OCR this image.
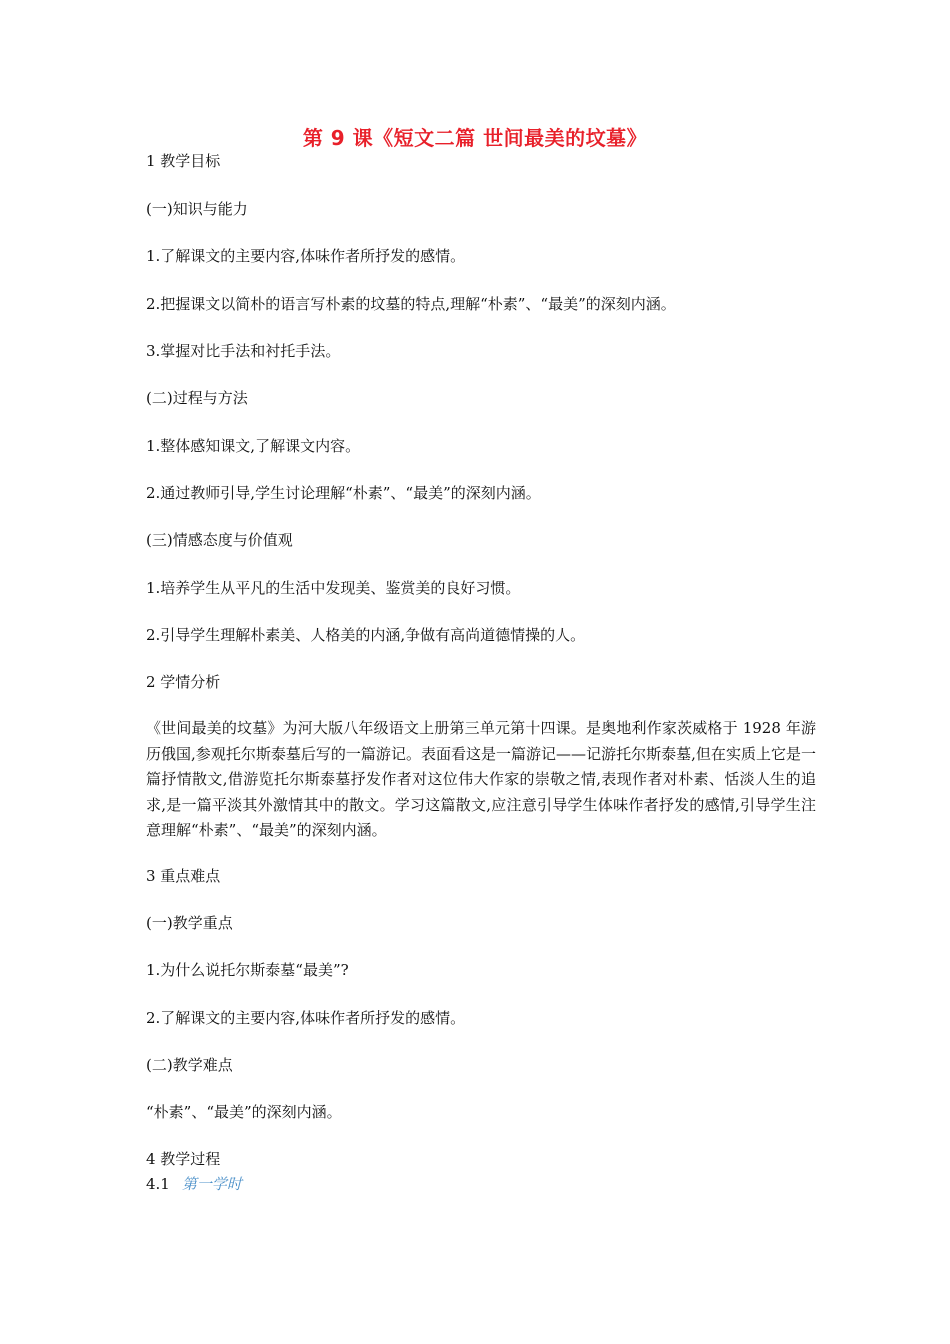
第 9 课《短文二篇 世间最美的坟墓》
1 教学目标
(一)知识与能力
1.了解课文的主要内容,体味作者所抒发的感情。
2.把握课文以简朴的语言写朴素的坟墓的特点,理解“朴素”、“最美”的深刻内涵。
3.掌握对比手法和衬托手法。
(二)过程与方法
1.整体感知课文,了解课文内容。
2.通过教师引导,学生讨论理解“朴素”、“最美”的深刻内涵。
(三)情感态度与价值观
1.培养学生从平凡的生活中发现美、鉴赏美的良好习惯。
2.引导学生理解朴素美、人格美的内涵,争做有高尚道德情操的人。
2 学情分析
《世间最美的坟墓》为河大版八年级语文上册第三单元第十四课。是奥地利作家茨威格于 1928 年游历俄国,参观托尔斯泰墓后写的一篇游记。表面看这是一篇游记——记游托尔斯泰墓,但在实质上它是一篇抒情散文,借游览托尔斯泰墓抒发作者对这位伟大作家的崇敬之情,表现作者对朴素、恬淡人生的追求,是一篇平淡其外激情其中的散文。学习这篇散文,应注意引导学生体味作者抒发的感情,引导学生注意理解“朴素”、“最美”的深刻内涵。
3 重点难点
(一)教学重点
1.为什么说托尔斯泰墓“最美”?
2.了解课文的主要内容,体味作者所抒发的感情。
(二)教学难点
“朴素”、“最美”的深刻内涵。
4 教学过程
4.1 第一学时
